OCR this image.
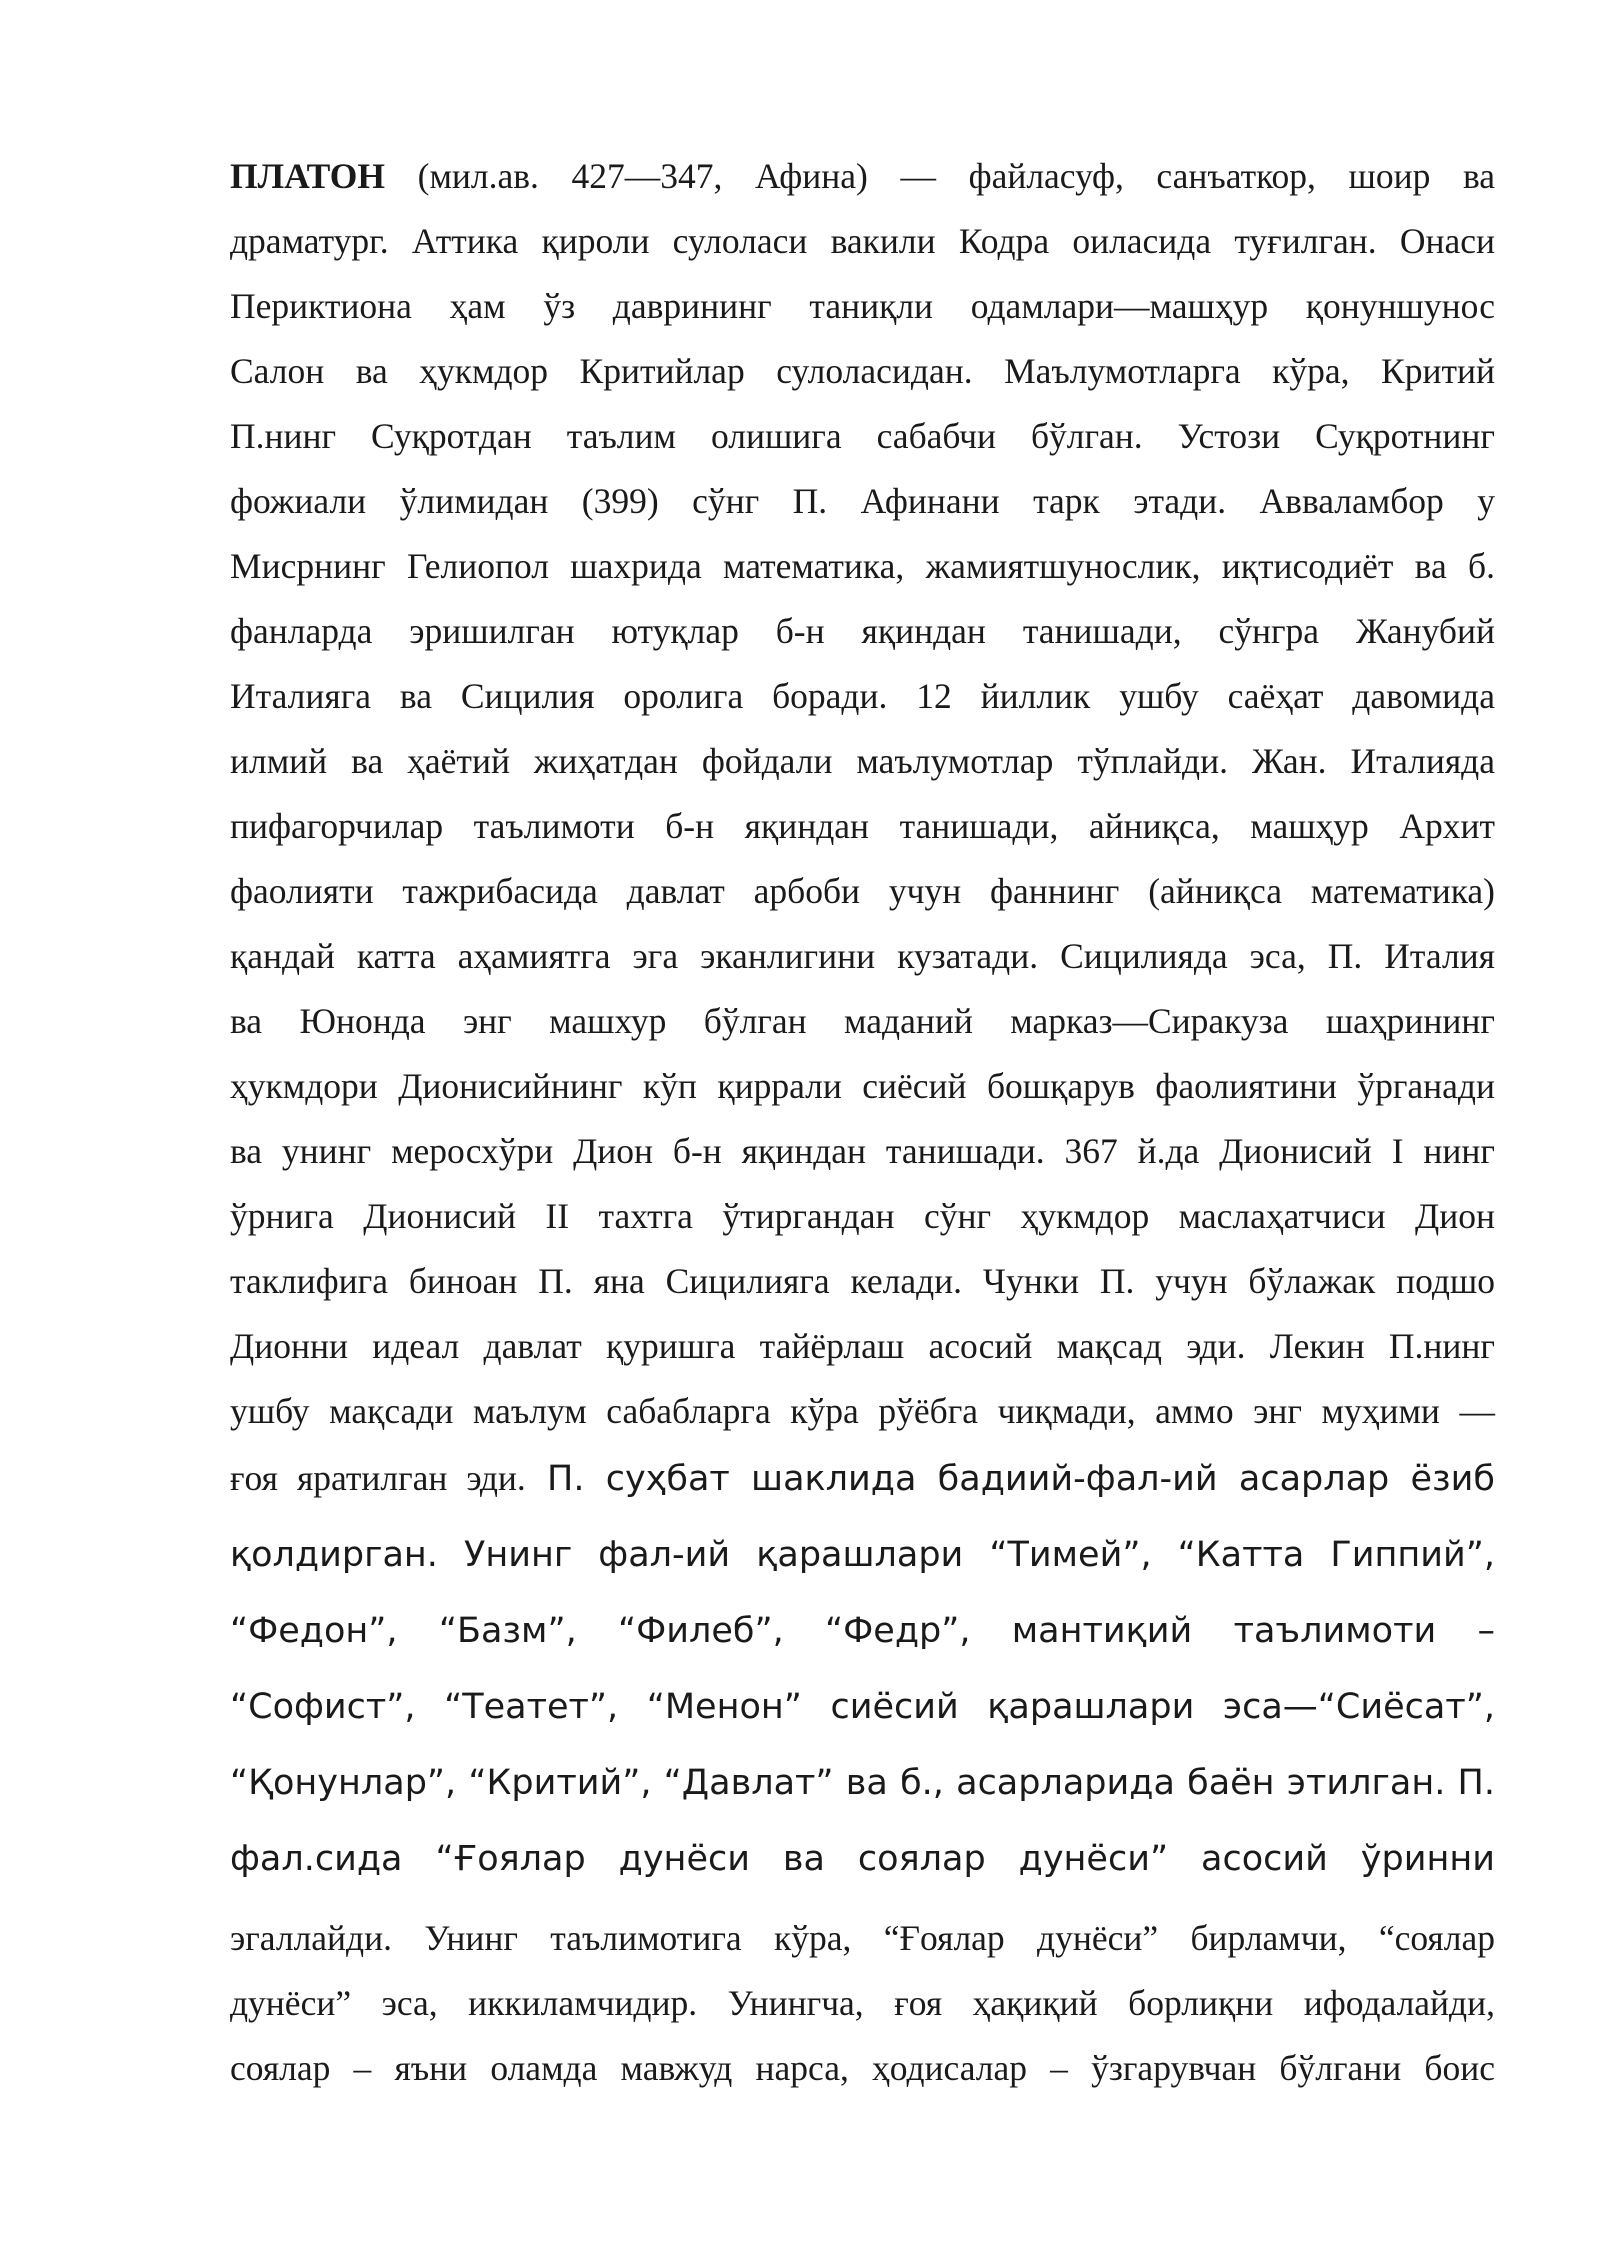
ПЛАТОН (мил.ав. 427—347, Афина) — файласуф, санъаткор, шоир ва
драматург. Аттика қироли сулоласи вакили Кодра оиласида туғилган. Онаси
Периктиона ҳам ўз даврининг таниқли одамлари—машҳур қонуншунос
Салон ва ҳукмдор Критийлар сулоласидан. Маълумотларга кўра, Критий
П.нинг Суқротдан таълим олишига сабабчи бўлган. Устози Суқротнинг
фожиали ўлимидан (399) сўнг П. Афинани тарк этади. Авваламбор у
Мисрнинг Гелиопол шахрида математика, жамиятшунослик, иқтисодиёт ва б.
фанларда эришилган ютуқлар б-н яқиндан танишади, сўнгра Жанубий
Италияга ва Сицилия оролига боради. 12 йиллик ушбу саёҳат давомида
илмий ва ҳаётий жиҳатдан фойдали маълумотлар тўплайди. Жан. Италияда
пифагорчилар таълимоти б-н яқиндан танишади, айниқса, машҳур Архит
фаолияти тажрибасида давлат арбоби учун фаннинг (айниқса математика)
қандай катта аҳамиятга эга эканлигини кузатади. Сицилияда эса, П. Италия
ва Юнонда энг машхур бўлган маданий марказ—Сиракуза шаҳрининг
ҳукмдори Дионисийнинг кўп қиррали сиёсий бошқарув фаолиятини ўрганади
ва унинг меросхўри Дион б-н яқиндан танишади. 367 й.да Дионисий I нинг
ўрнига Дионисий II тахтга ўтиргандан сўнг ҳукмдор маслаҳатчиси Дион
таклифига биноан П. яна Сицилияга келади. Чунки П. учун бўлажак подшо
Дионни идеал давлат қуришга тайёрлаш асосий мақсад эди. Лекин П.нинг
ушбу мақсади маълум сабабларга кўра рўёбга чиқмади, аммо энг муҳими —
ғоя яратилган эди. П. суҳбат шаклида бадиий-фал-ий асарлар ёзиб
қолдирган. Унинг фал-ий қарашлари “Тимей”, “Катта Гиппий”,
“Федон”, “Базм”, “Филеб”, “Федр”, мантиқий таълимоти –
“Софист”, “Театет”, “Менон” сиёсий қарашлари эса—“Сиёсат”,
“Қонунлар”, “Критий”, “Давлат” ва б., асарларида баён этилган. П.
фал.сида “Ғоялар дунёси ва соялар дунёси” асосий ўринни
эгаллайди. Унинг таълимотига кўра, “Ғоялар дунёси” бирламчи, “соялар
дунёси” эса, иккиламчидир. Унингча, ғоя ҳақиқий борлиқни ифодалайди,
соялар – яъни оламда мавжуд нарса, ҳодисалар – ўзгарувчан бўлгани боис
